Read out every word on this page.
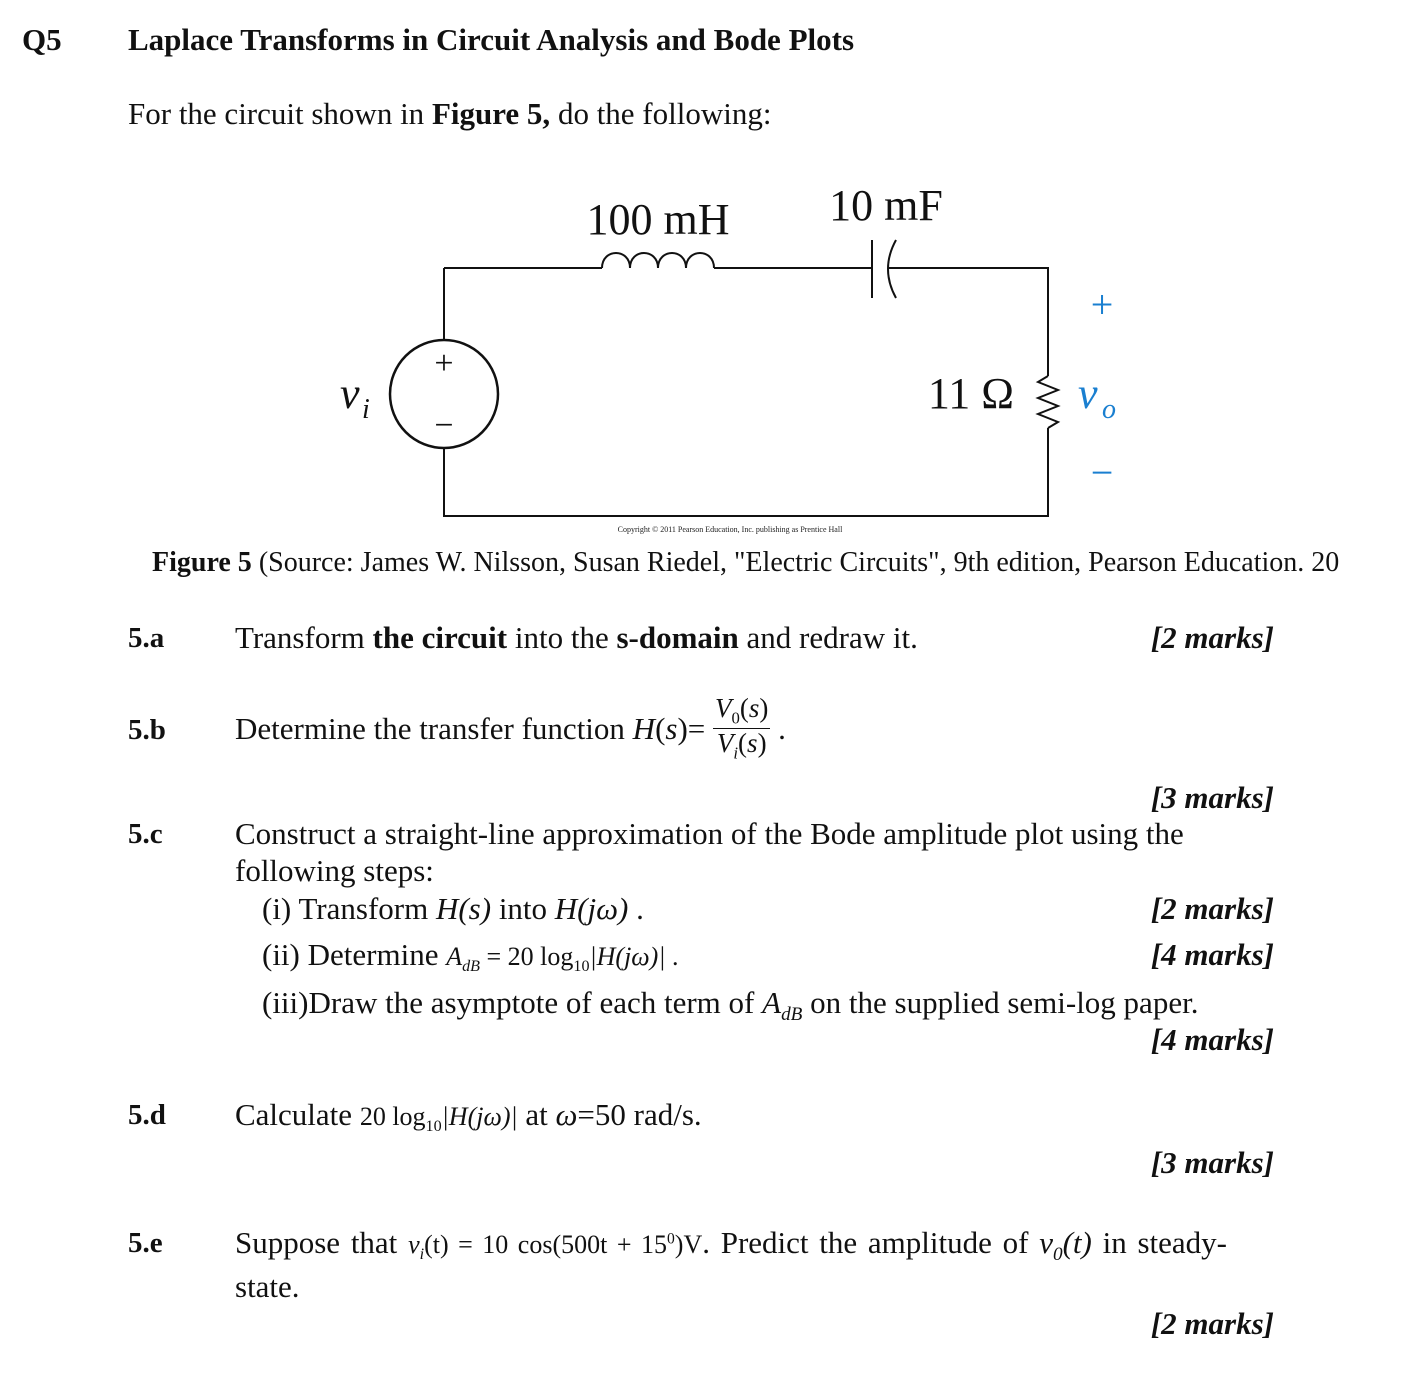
Q5 Laplace Transforms in Circuit Analysis and Bode Plots
For the circuit shown in Figure 5, do the following:
+
−
100 mH 10 mF
11 Ω
v i
+
v o
−
Copyright © 2011 Pearson Education, Inc. publishing as Prentice Hall
Figure 5 (Source: James W. Nilsson, Susan Riedel, "Electric Circuits", 9th edition, Pearson Education. 20
5.a Transform the circuit into the s-domain and redraw it.	[2 marks]
5.b Determine the transfer function $H(s)= \frac{V_0(s)}{V_i(s)}$ .
[3 marks]
5.c Construct a straight-line approximation of the Bode amplitude plot using the
following steps:
(i) Transform H(s) into H(jω) .	[2 marks]
(ii) Determine $A_{dB} = 20$ $\log_{10}|H(j\omega)|$ .	[4 marks]
(iii)Draw the asymptote of each term of $A_{dB}$ on the supplied semi-log paper.
[4 marks]
5.d Calculate 20 $\log_{10}|H(j\omega)|$ at ω=50 rad/s.
[3 marks]
5.e Suppose that $v_i(t) = 10$ $\cos(500t + 15^0)V$. Predict the amplitude of $v_0(t)$ in steady-
state.
[2 marks]
